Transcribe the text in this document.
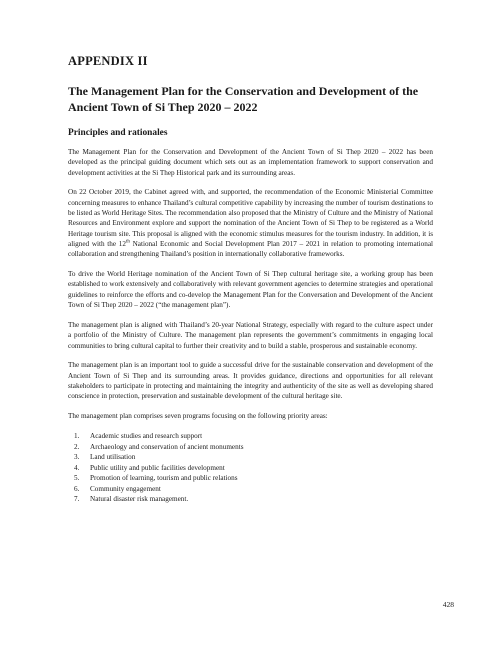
APPENDIX II
The Management Plan for the Conservation and Development of the Ancient Town of Si Thep 2020 – 2022
Principles and rationales

The Management Plan for the Conservation and Development of the Ancient Town of Si Thep 2020 – 2022 has been developed as the principal guiding document which sets out as an implementation framework to support conservation and development activities at the Si Thep Historical park and its surrounding areas.

On 22 October 2019, the Cabinet agreed with, and supported, the recommendation of the Economic Ministerial Committee concerning measures to enhance Thailand’s cultural competitive capability by increasing the number of tourism destinations to be listed as World Heritage Sites. The recommendation also proposed that the Ministry of Culture and the Ministry of National Resources and Environment explore and support the nomination of the Ancient Town of Si Thep to be registered as a World Heritage tourism site. This proposal is aligned with the economic stimulus measures for the tourism industry. In addition, it is aligned with the 12th National Economic and Social Development Plan 2017 – 2021 in relation to promoting international collaboration and strengthening Thailand’s position in internationally collaborative frameworks.

To drive the World Heritage nomination of the Ancient Town of Si Thep cultural heritage site, a working group has been established to work extensively and collaboratively with relevant government agencies to determine strategies and operational guidelines to reinforce the efforts and co-develop the Management Plan for the Conversation and Development of the Ancient Town of Si Thep 2020 – 2022 (“the management plan”).

The management plan is aligned with Thailand’s 20-year National Strategy, especially with regard to the culture aspect under a portfolio of the Ministry of Culture. The management plan represents the government’s commitments in engaging local communities to bring cultural capital to further their creativity and to build a stable, prosperous and sustainable economy.

The management plan is an important tool to guide a successful drive for the sustainable conservation and development of the Ancient Town of Si Thep and its surrounding areas. It provides guidance, directions and opportunities for all relevant stakeholders to participate in protecting and maintaining the integrity and authenticity of the site as well as developing shared conscience in protection, preservation and sustainable development of the cultural heritage site.

The management plan comprises seven programs focusing on the following priority areas:

1.	Academic studies and research support
2.	Archaeology and conservation of ancient monuments
3.	Land utilisation
4.	Public utility and public facilities development
5.	Promotion of learning, tourism and public relations
6.	Community engagement
7.	Natural disaster risk management.
428
